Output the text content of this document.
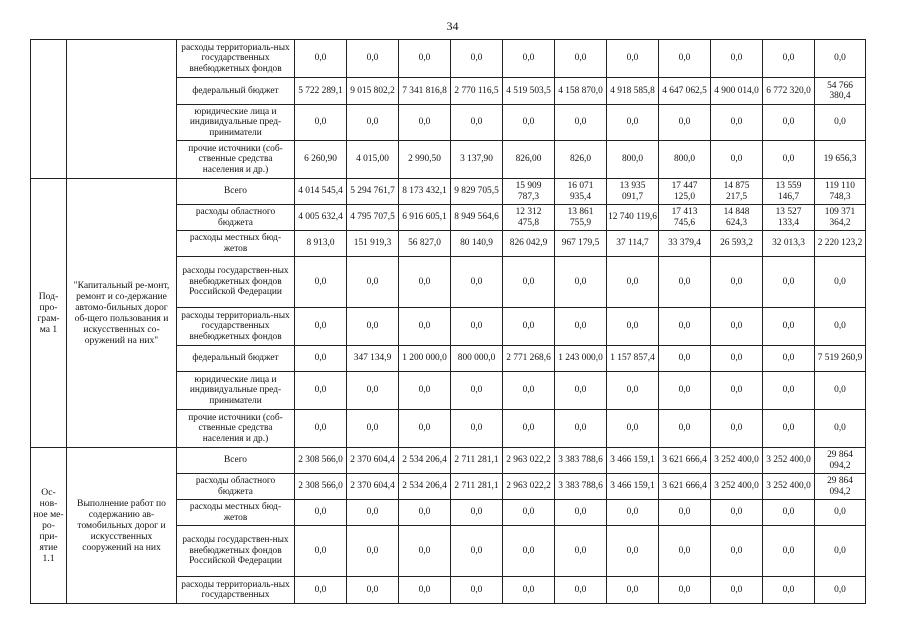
34
		расходы территориаль-ных государственных внебюджетных фондов	0,0	0,0	0,0	0,0	0,0	0,0	0,0	0,0	0,0	0,0	0,0
		федеральный бюджет	5 722 289,1	9 015 802,2	7 341 816,8	2 770 116,5	4 519 503,5	4 158 870,0	4 918 585,8	4 647 062,5	4 900 014,0	6 772 320,0	54 766 380,4
		юридические лица и индивидуальные пред-приниматели	0,0	0,0	0,0	0,0	0,0	0,0	0,0	0,0	0,0	0,0	0,0
		прочие источники (соб-ственные средства населения и др.)	6 260,90	4 015,00	2 990,50	3 137,90	826,00	826,0	800,0	800,0	0,0	0,0	19 656,3
Под-про-грам-ма 1	"Капитальный ре-монт, ремонт и со-держание автомо-бильных дорог об-щего пользования и искусственных со-оружений на них"	Всего	4 014 545,4	5 294 761,7	8 173 432,1	9 829 705,5	15 909 787,3	16 071 935,4	13 935 091,7	17 447 125,0	14 875 217,5	13 559 146,7	119 110 748,3
		расходы областного бюджета	4 005 632,4	4 795 707,5	6 916 605,1	8 949 564,6	12 312 475,8	13 861 755,9	12 740 119,6	17 413 745,6	14 848 624,3	13 527 133,4	109 371 364,2
		расходы местных бюд-жетов	8 913,0	151 919,3	56 827,0	80 140,9	826 042,9	967 179,5	37 114,7	33 379,4	26 593,2	32 013,3	2 220 123,2
		расходы государствен-ных внебюджетных фондов Российской Федерации	0,0	0,0	0,0	0,0	0,0	0,0	0,0	0,0	0,0	0,0	0,0
		расходы территориаль-ных государственных внебюджетных фондов	0,0	0,0	0,0	0,0	0,0	0,0	0,0	0,0	0,0	0,0	0,0
		федеральный бюджет	0,0	347 134,9	1 200 000,0	800 000,0	2 771 268,6	1 243 000,0	1 157 857,4	0,0	0,0	0,0	7 519 260,9
		юридические лица и индивидуальные пред-приниматели	0,0	0,0	0,0	0,0	0,0	0,0	0,0	0,0	0,0	0,0	0,0
		прочие источники (соб-ственные средства населения и др.)	0,0	0,0	0,0	0,0	0,0	0,0	0,0	0,0	0,0	0,0	0,0
Ос-нов-ное ме-ро-при-ятие 1.1	Выполнение работ по содержанию ав-томобильных дорог и искусственных сооружений на них	Всего	2 308 566,0	2 370 604,4	2 534 206,4	2 711 281,1	2 963 022,2	3 383 788,6	3 466 159,1	3 621 666,4	3 252 400,0	3 252 400,0	29 864 094,2
		расходы областного бюджета	2 308 566,0	2 370 604,4	2 534 206,4	2 711 281,1	2 963 022,2	3 383 788,6	3 466 159,1	3 621 666,4	3 252 400,0	3 252 400,0	29 864 094,2
		расходы местных бюд-жетов	0,0	0,0	0,0	0,0	0,0	0,0	0,0	0,0	0,0	0,0	0,0
		расходы государствен-ных внебюджетных фондов Российской Федерации	0,0	0,0	0,0	0,0	0,0	0,0	0,0	0,0	0,0	0,0	0,0
		расходы территориаль-ных государственных	0,0	0,0	0,0	0,0	0,0	0,0	0,0	0,0	0,0	0,0	0,0
